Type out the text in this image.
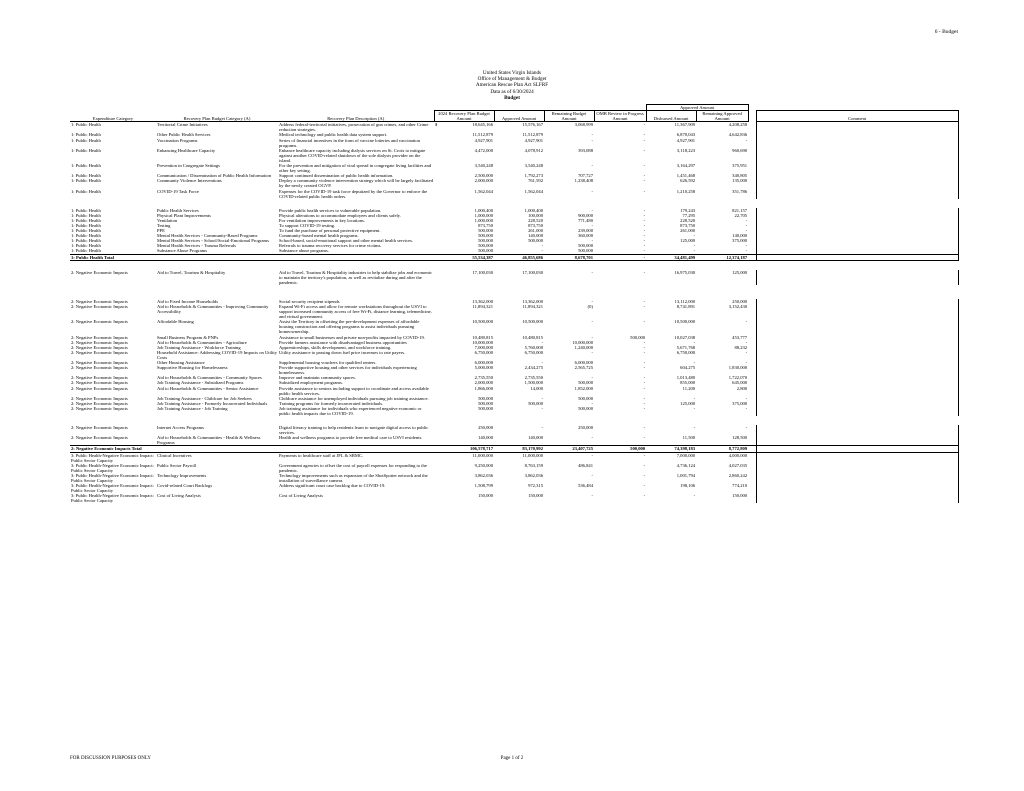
6 - Budget
United States Virgin Islands
Office of Management & Budget
American Rescue Plan Act SLFRF
Data as of 6/30/2024
Budget
							Approved Amount			
Expenditure Category	Recovery Plan Budget Category (A)	Recovery Plan Description (A)	2024 Recovery Plan Budget Amount	Approved Amount	Remaining Budget Amount	OMB Review in Progress Amount	Disbursed Amount	Remaining Approved Amount		Comment
1: Public Health	Territorial Crime Initiatives	Address federal-territorial initiatives, prosecution of gun crimes, and other Crime reduction strategies.	$ 18,645,166	15,576,167	3,068,999	-	11,367,909	4,208,258		
1: Public Health	Other Public Health Services	Medical technology and public health data system support.	11,512,879	11,512,879	-	-	6,870,043	4,642,836		
1: Public Health	Vaccination Programs	Series of financial incentives in the form of vaccine lotteries and vaccination programs.	4,927,901	4,927,901	-	-	4,927,901	-		
1: Public Health	Enhancing Healthcare Capacity	Enhance healthcare capacity including dialysis services on St. Croix to mitigate against another COVID-related shutdown of the sole dialysis provider on the island.	4,472,000	4,078,912	393,088	-	3,118,223	960,690		
1: Public Health	Prevention in Congregate Settings	For the prevention and mitigation of viral spread in congregate living facilities and other key setting.	3,540,248	3,540,248	-	-	3,164,297	375,951		
1: Public Health	Communication / Dissemination of Public Health Information	Support continued dissemination of public health information.	2,500,000	1,792,273	707,727	-	1,451,468	340,805		
1: Public Health	Community Violence Interventions	Deploy a community violence intervention strategy which will be largely facilitated by the newly created OGVP.	2,000,000	761,592	1,238,408	-	626,592	135,000		
1: Public Health	COVID-19 Task Force	Expenses for the COVID-19 task force deputized by the Governor to enforce the COVID-related public health orders.	1,562,044	1,562,044	-	-	1,210,258	351,786		

1: Public Health	Public Health Services	Provide public health services to vulnerable population.	1,000,400	1,000,400	-	-	179,243	821,157		
1: Public Health	Physical Plant Improvements	Physical alterations to accommodate employees and clients safely.	1,000,000	100,000	900,000	-	77,295	22,705		
1: Public Health	Ventilation	For ventilation improvements in key locations.	1,000,000	228,520	771,480	-	228,520	-		
1: Public Health	Testing	To support COVID-19 testing.	873,750	873,750	-	-	873,750	-		
1: Public Health	PPE	To fund the purchase of personal protective equipment.	500,000	261,000	239,000	-	261,000	-		
1: Public Health	Mental Health Services - Community-Based Programs	Community-based mental health programs.	500,000	140,000	360,000	-	-	140,000		
1: Public Health	Mental Health Services - School/Social-Emotional Programs	School-based, social-emotional support and other mental health services.	500,000	500,000	-	-	125,000	375,000		
1: Public Health	Mental Health Services - Trauma Referrals	Referrals to trauma recovery services for crime victims.	500,000	-	500,000	-	-	-		
1: Public Health	Substance Abuse Programs	Substance abuse programs.	500,000	-	500,000	-	-	-		
1: Public Health Total			55,534,387	46,855,686	8,678,701	-	34,481,499	12,374,187		

2: Negative Economic Impacts	Aid to Travel, Tourism & Hospitality	Aid to Travel, Tourism & Hospitality industries to help stabilize jobs and economic to maintain the territory's population, as well as revitalize during and after the pandemic.	17,100,030	17,100,030	-	-	16,975,030	125,000		

2: Negative Economic Impacts	Aid to Fixed Income Households	Social security recipient stipends	13,362,000	13,362,000	-	-	13,112,000	250,000		
2: Negative Economic Impacts	Aid to Households & Communities - Improving Community Accessibility	Expand Wi-Fi access and allow for remote workstations throughout the USVI to support increased community access of free Wi-Fi, distance learning, telemedicine, and virtual government.	11,894,321	11,894,321	(0)	-	8,741,891	3,152,430		
2: Negative Economic Impacts	Affordable Housing	Assist the Territory in offsetting the pre-development expenses of affordable housing construction and offering programs to assist individuals pursuing homeownership.	10,500,000	10,500,000	-	-	10,500,000	-		
2: Negative Economic Impacts	Small Business Program & PNPs	Assistance to small businesses and private non-profits impacted by COVID-19.	10,480,815	10,480,815	-	500,000	10,027,038	453,777		
2: Negative Economic Impacts	Aid to Households & Communities - Agriculture	Provide farmers assistance with disadvantaged business opportunities	10,000,000	-	10,000,000	-	-	-		
2: Negative Economic Impacts	Job Training Assistance - Workforce Training	Apprenticeships, skills development, and workforce training.	7,000,000	5,760,000	1,240,000	-	5,671,768	88,232		
2: Negative Economic Impacts	Household Assistance: Addressing COVID-19 Impacts on Utility Costs	Utility assistance to passing down fuel price increases to rate payers.	6,750,000	6,750,000	-	-	6,750,000	-		
2: Negative Economic Impacts	Other Housing Assistance	Supplemental housing vouchers for qualified renters.	6,000,000	-	6,000,000	-	-	-		
2: Negative Economic Impacts	Supportive Housing for Homelessness	Provide supportive housing and other services for individuals experiencing homelessness.	5,000,000	2,434,275	2,565,725	-	604,275	1,830,000		
2: Negative Economic Impacts	Aid to Households & Communities - Community Spaces	Improve and maintain community spaces.	2,735,550	2,735,550	-	-	1,013,480	1,722,070		
2: Negative Economic Impacts	Job Training Assistance - Subsidized Programs	Subsidized employment programs.	2,000,000	1,500,000	500,000	-	855,000	645,000		
2: Negative Economic Impacts	Aid to Households & Communities - Senior Assistance	Provide assistance to seniors including support to coordinate and access available public health services.	1,866,000	14,000	1,852,000	-	11,200	2,800		
2: Negative Economic Impacts	Job Training Assistance - Childcare for Job Seekers	Childcare assistance for unemployed individuals pursuing job training assistance.	500,000	-	500,000	-	-	-		
2: Negative Economic Impacts	Job Training Assistance - Formerly Incarcerated Individuals	Training programs for formerly incarcerated individuals.	500,000	500,000	-	-	125,000	375,000		
2: Negative Economic Impacts	Job Training Assistance - Job Training	Job training assistance for individuals who experienced negative economic or public health impacts due to COVID-19.	500,000	-	500,000	-	-	-		

2: Negative Economic Impacts	Internet Access Programs	Digital literacy training to help residents learn to navigate digital access to public services.	250,000	-	250,000	-	-	-		
2: Negative Economic Impacts	Aid to Households & Communities - Health & Wellness Programs	Health and wellness programs to provide free medical care to USVI residents.	140,000	140,000	-	-	11,500	128,500		
2: Negative Economic Impacts Total			106,578,717	83,170,992	23,407,725	500,000	74,398,183	8,772,809		
3: Public Health-Negative Economic Impact: Public Sector Capacity	Clinical Incentives	Payments to healthcare staff at JFL & SRMC.	11,000,000	11,000,000	-	-	7,000,000	4,000,000		
3: Public Health-Negative Economic Impact: Public Sector Capacity	Public Sector Payroll	Government agencies to offset the cost of payroll expenses for responding to the pandemic.	9,250,000	8,763,159	486,841	-	4,736,124	4,027,035		
3: Public Health-Negative Economic Impact: Public Sector Capacity	Technology Improvements	Technology improvements such as expansion of the ShotSpotter network and the installation of surveillance camera.	3,862,036	3,862,036	-	-	1,001,794	2,860,242		
3: Public Health-Negative Economic Impact: Public Sector Capacity	Covid-related Court Backlogs	Address significant court case backlog due to COVID-19.	1,508,799	972,315	536,484	-	198,106	774,210		
3: Public Health-Negative Economic Impact: Public Sector Capacity	Cost of Living Analysis	Cost of Living Analysis	150,000	150,000	-	-	-	150,000		
FOR DISCUSSION PURPOSES ONLY	Page 1 of 2
